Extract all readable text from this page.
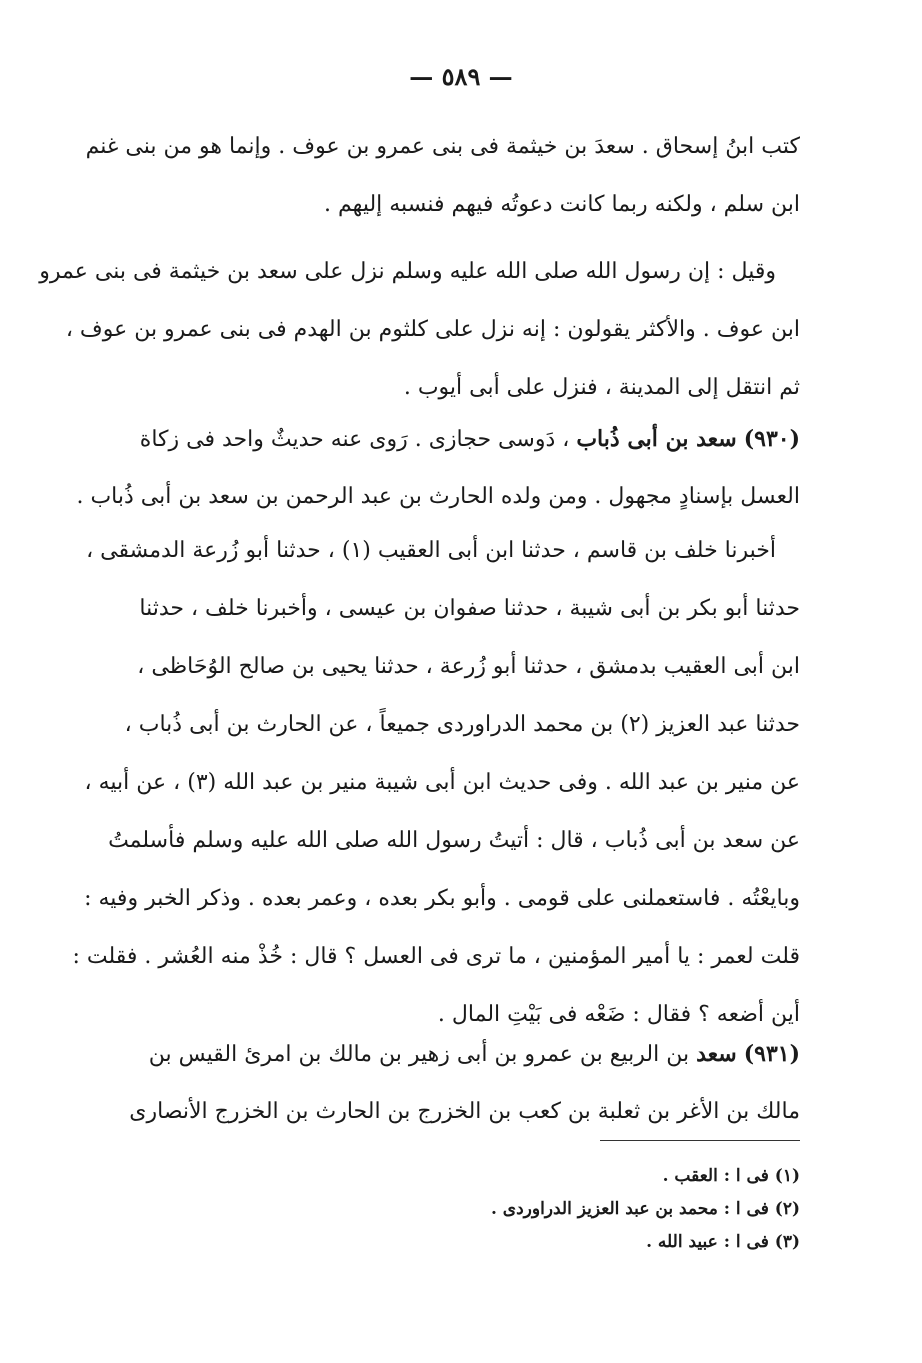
— ٥٨٩ —
كتب ابنُ إسحاق . سعدَ بن خيثمة فى بنى عمرو بن عوف . وإنما هو من بنى غنم
ابن سلم ، ولكنه ربما كانت دعوتُه فيهم فنسبه إليهم .
وقيل : إن رسول الله صلى الله عليه وسلم نزل على سعد بن خيثمة فى بنى عمرو
ابن عوف . والأكثر يقولون : إنه نزل على كلثوم بن الهدم فى بنى عمرو بن عوف ،
ثم انتقل إلى المدينة ، فنزل على أبى أيوب .
(٩٣٠) سعد بن أبى ذُباب ، دَوسى حجازى . رَوى عنه حديثٌ واحد فى زكاة
العسل بإسنادٍ مجهول . ومن ولده الحارث بن عبد الرحمن بن سعد بن أبى ذُباب .
أخبرنا خلف بن قاسم ، حدثنا ابن أبى العقيب (١) ، حدثنا أبو زُرعة الدمشقى ،
حدثنا أبو بكر بن أبى شيبة ، حدثنا صفوان بن عيسى ، وأخبرنا خلف ، حدثنا
ابن أبى العقيب بدمشق ، حدثنا أبو زُرعة ، حدثنا يحيى بن صالح الوُحَاظى ،
حدثنا عبد العزيز (٢) بن محمد الدراوردى جميعاً ، عن الحارث بن أبى ذُباب ،
عن منير بن عبد الله . وفى حديث ابن أبى شيبة منير بن عبد الله (٣) ، عن أبيه ،
عن سعد بن أبى ذُباب ، قال : أتيتُ رسول الله صلى الله عليه وسلم فأسلمتُ
وبايعْتُه . فاستعملنى على قومى . وأبو بكر بعده ، وعمر بعده . وذكر الخبر وفيه :
قلت لعمر : يا أمير المؤمنين ، ما ترى فى العسل ؟ قال : خُذْ منه العُشر . فقلت :
أين أضعه ؟ فقال : ضَعْه فى بَيْتِ المال .
(٩٣١) سعد بن الربيع بن عمرو بن أبى زهير بن مالك بن امرئ القيس بن
مالك بن الأغر بن ثعلبة بن كعب بن الخزرج بن الحارث بن الخزرج الأنصارى
(١) فى ا : العقب .
(٢) فى ا : محمد بن عبد العزيز الدراوردى .
(٣) فى ا : عبيد الله .
